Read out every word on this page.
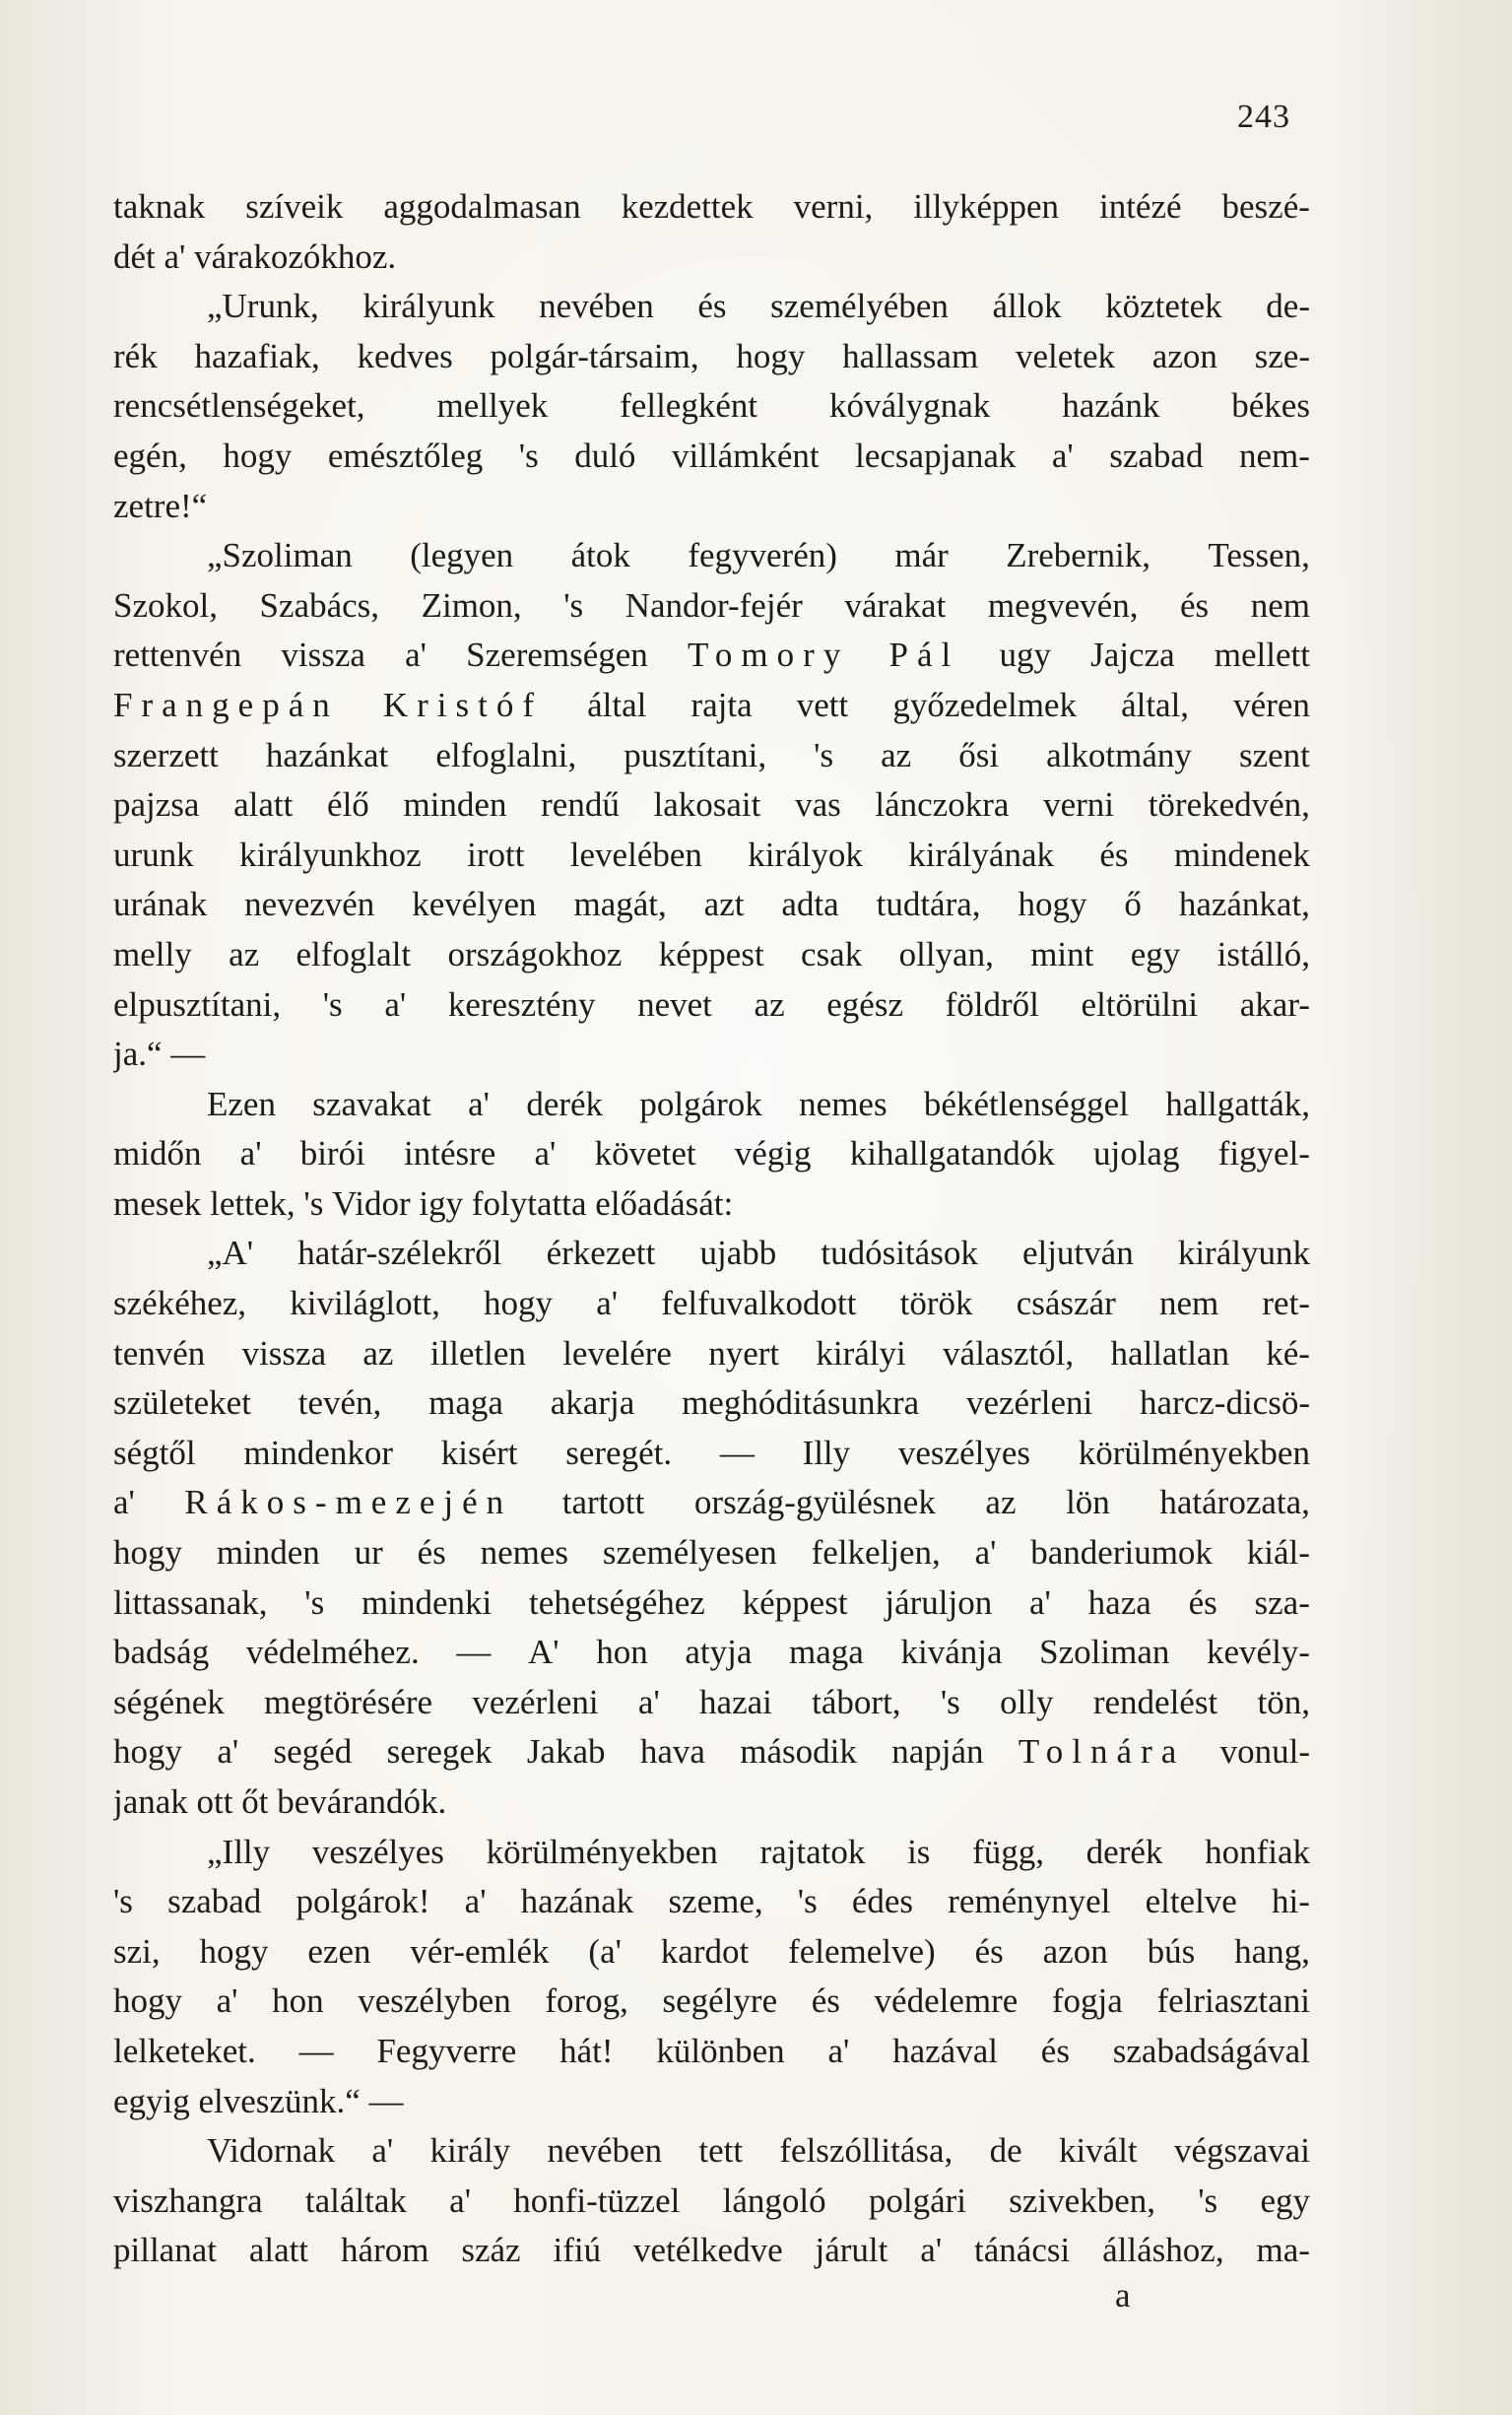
243
taknak szíveik aggodalmasan kezdettek verni, illyképpen intézé beszé-
dét
a'
várakozókhoz.
„Urunk, királyunk nevében és személyében állok köztetek de-
rék hazafiak, kedves polgár-társaim, hogy hallassam veletek azon sze-
rencsétlenségeket, mellyek fellegként kóválygnak hazánk békes
egén, hogy emésztőleg 's duló villámként lecsapjanak a' szabad nem-
zetre!“
„Szoliman (legyen átok fegyverén) már Zrebernik, Tessen,
Szokol, Szabács, Zimon, 's Nandor-fejér várakat megvevén, és nem
rettenvén vissza a' Szeremségen Tomory Pál ugy Jajcza mellett
Frangepán Kristóf által rajta vett győzedelmek által, véren
szerzett hazánkat elfoglalni, pusztítani, 's az ősi alkotmány szent
pajzsa alatt élő minden rendű lakosait vas lánczokra verni törekedvén,
urunk királyunkhoz irott levelében királyok királyának és mindenek
urának nevezvén kevélyen magát, azt adta tudtára, hogy ő hazánkat,
melly az elfoglalt országokhoz képpest csak ollyan, mint egy istálló,
elpusztítani, 's a' keresztény nevet az egész földről eltörülni akar-
ja.“
—
Ezen szavakat a' derék polgárok nemes békétlenséggel hallgatták,
midőn a' birói intésre a' követet végig kihallgatandók ujolag figyel-
mesek
lettek,
's
Vidor
igy
folytatta
előadását:
„A' határ-szélekről érkezett ujabb tudósitások eljutván királyunk
székéhez, kiviláglott, hogy a' felfuvalkodott török császár nem ret-
tenvén vissza az illetlen levelére nyert királyi választól, hallatlan ké-
születeket tevén, maga akarja meghóditásunkra vezérleni harcz-dicsö-
ségtől mindenkor kisért seregét. — Illy veszélyes körülményekben
a' Rákos-mezején tartott ország-gyülésnek az lön határozata,
hogy minden ur és nemes személyesen felkeljen, a' banderiumok kiál-
littassanak, 's mindenki tehetségéhez képpest járuljon a' haza és sza-
badság védelméhez. — A' hon atyja maga kivánja Szoliman kevély-
ségének megtörésére vezérleni a' hazai tábort, 's olly rendelést tön,
hogy a' segéd seregek Jakab hava második napján Tolnára vonul-
janak
ott
őt
bevárandók.
„Illy veszélyes körülményekben rajtatok is függ, derék honfiak
's szabad polgárok! a' hazának szeme, 's édes reménynyel eltelve hi-
szi, hogy ezen vér-emlék (a' kardot felemelve) és azon bús hang,
hogy a' hon veszélyben forog, segélyre és védelemre fogja felriasztani
lelketeket. — Fegyverre hát! különben a' hazával és szabadságával
egyig
elveszünk.“
—
Vidornak a' király nevében tett felszóllitása, de kivált végszavai
viszhangra találtak a' honfi-tüzzel lángoló polgári szivekben, 's egy
pillanat alatt három száz ifiú vetélkedve járult a' tánácsi álláshoz, ma-
a
